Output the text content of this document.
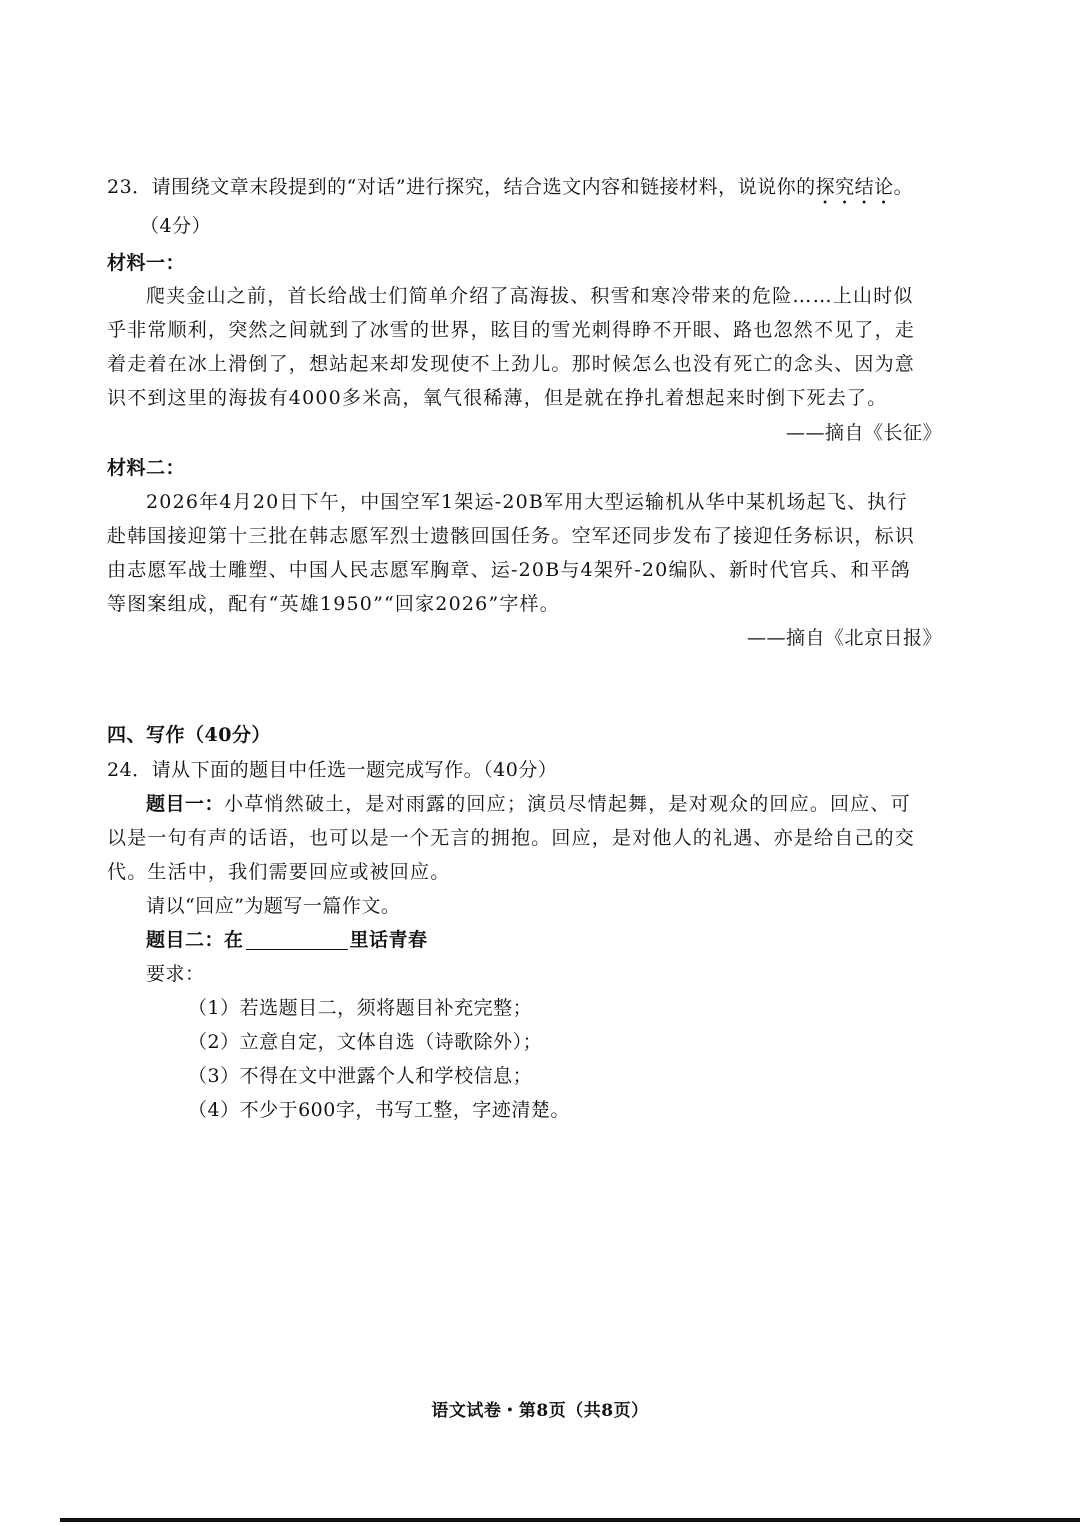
23．请围绕文章末段提到的“对话”进行探究，结合选文内容和链接材料，说说你的探究结论。
（4分）
材料一：
爬夹金山之前，首长给战士们简单介绍了高海拔、积雪和寒冷带来的危险……上山时似
乎非常顺利，突然之间就到了冰雪的世界，眩目的雪光刺得睁不开眼、路也忽然不见了，走
着走着在冰上滑倒了，想站起来却发现使不上劲儿。那时候怎么也没有死亡的念头、因为意
识不到这里的海拔有4000多米高，氧气很稀薄，但是就在挣扎着想起来时倒下死去了。
——摘自《长征》
材料二：
2026年4月20日下午，中国空军1架运-20B军用大型运输机从华中某机场起飞、执行
赴韩国接迎第十三批在韩志愿军烈士遗骸回国任务。空军还同步发布了接迎任务标识，标识
由志愿军战士雕塑、中国人民志愿军胸章、运-20B与4架歼-20编队、新时代官兵、和平鸽
等图案组成，配有“英雄1950”“回家2026”字样。
——摘自《北京日报》
四、写作（40分）
24．请从下面的题目中任选一题完成写作。（40分）
题目一：小草悄然破土，是对雨露的回应；演员尽情起舞，是对观众的回应。回应、可
以是一句有声的话语，也可以是一个无言的拥抱。回应，是对他人的礼遇、亦是给自己的交
代。生活中，我们需要回应或被回应。
请以“回应”为题写一篇作文。
题目二：在	里话青春
要求：
（1）若选题目二，须将题目补充完整；
（2）立意自定，文体自选（诗歌除外）；
（3）不得在文中泄露个人和学校信息；
（4）不少于600字，书写工整，字迹清楚。
语文试卷・第8页（共8页）
